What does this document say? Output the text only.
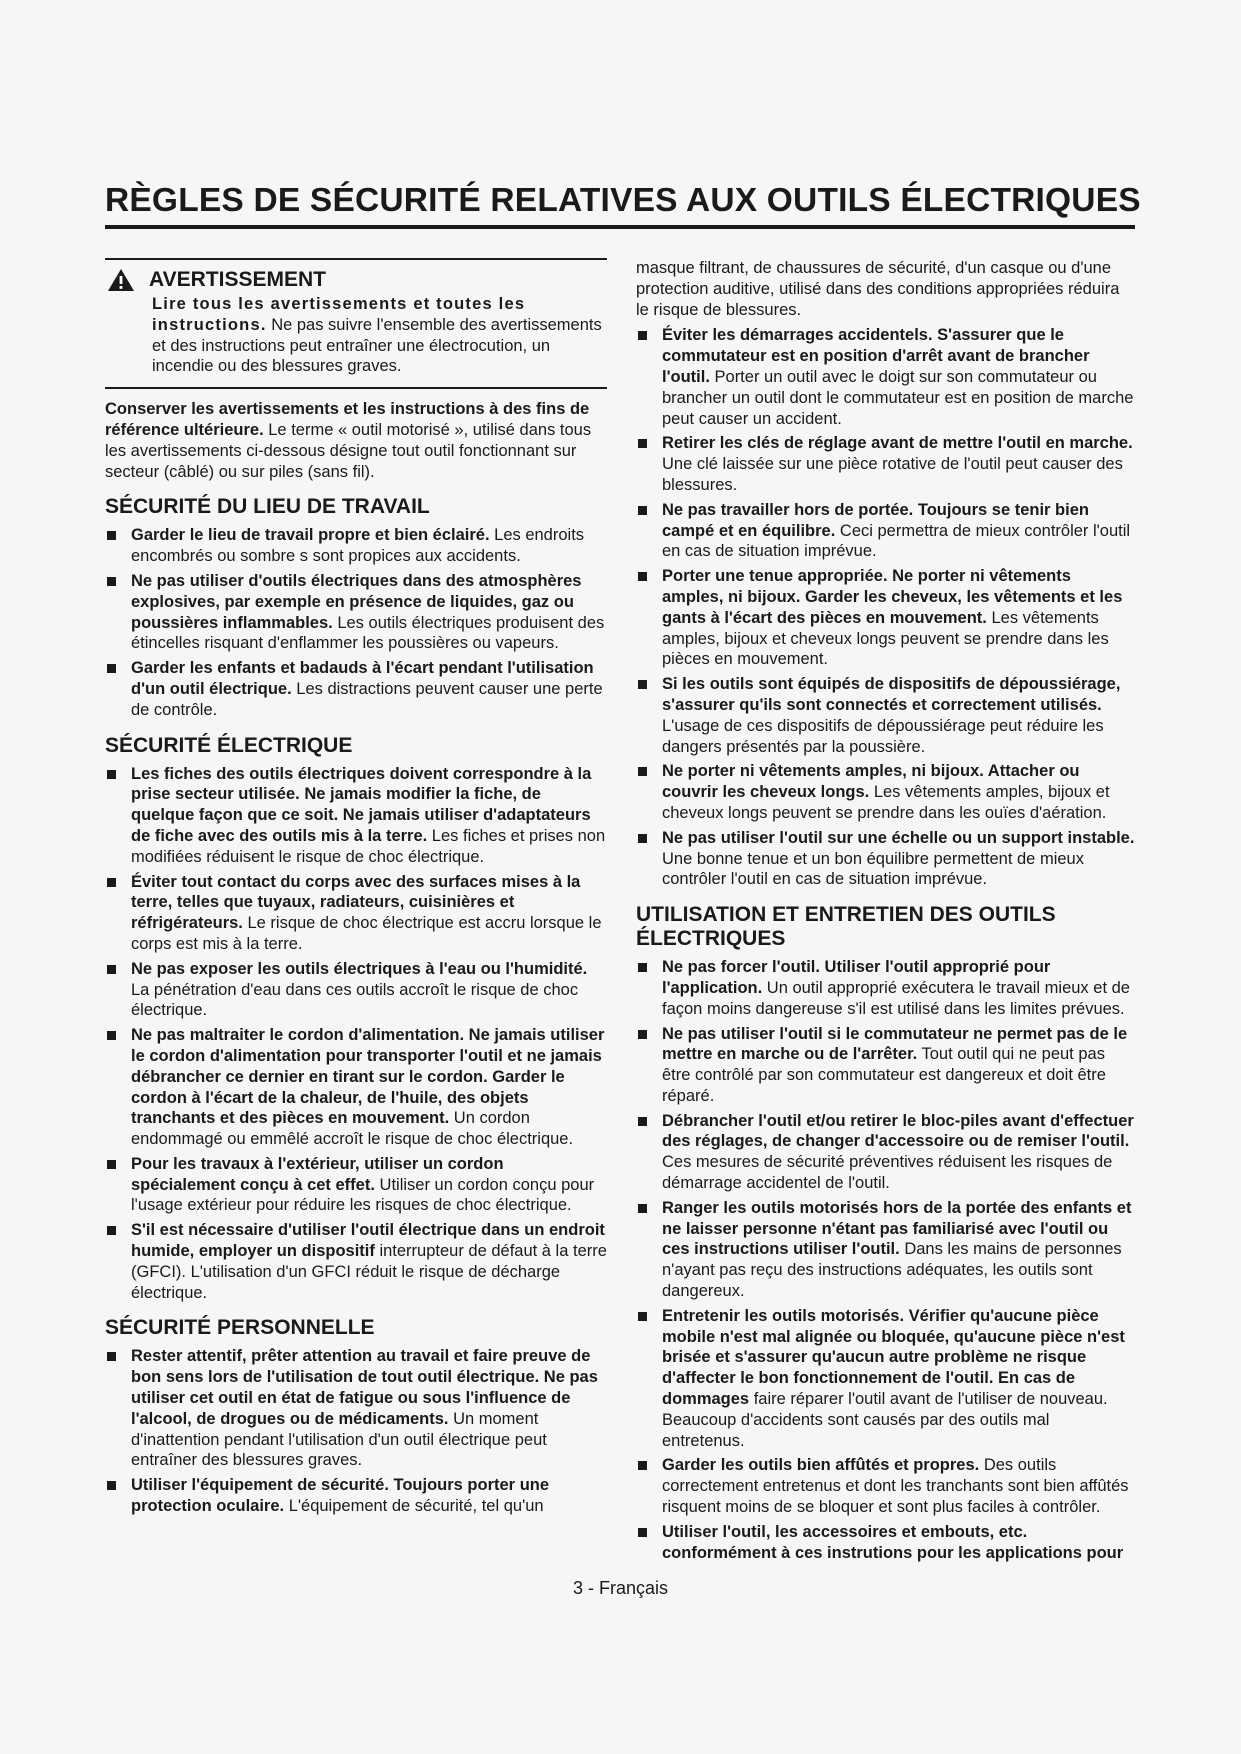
RÈGLES DE SÉCURITÉ RELATIVES AUX OUTILS ÉLECTRIQUES
AVERTISSEMENT
Lire tous les avertissements et toutes les instructions. Ne pas suivre l'ensemble des avertissements et des instructions peut entraîner une électrocution, un incendie ou des blessures graves.
Conserver les avertissements et les instructions à des fins de référence ultérieure. Le terme « outil motorisé », utilisé dans tous les avertissements ci-dessous désigne tout outil fonctionnant sur secteur (câblé) ou sur piles (sans fil).
SÉCURITÉ DU LIEU DE TRAVAIL
Garder le lieu de travail propre et bien éclairé. Les endroits encombrés ou sombre s sont propices aux accidents.
Ne pas utiliser d'outils électriques dans des atmosphères explosives, par exemple en présence de liquides, gaz ou poussières inflammables. Les outils électriques produisent des étincelles risquant d'enflammer les poussières ou vapeurs.
Garder les enfants et badauds à l'écart pendant l'utilisation d'un outil électrique. Les distractions peuvent causer une perte de contrôle.
SÉCURITÉ ÉLECTRIQUE
Les fiches des outils électriques doivent correspondre à la prise secteur utilisée. Ne jamais modifier la fiche, de quelque façon que ce soit. Ne jamais utiliser d'adaptateurs de fiche avec des outils mis à la terre. Les fiches et prises non modifiées réduisent le risque de choc électrique.
Éviter tout contact du corps avec des surfaces mises à la terre, telles que tuyaux, radiateurs, cuisinières et réfrigérateurs. Le risque de choc électrique est accru lorsque le corps est mis à la terre.
Ne pas exposer les outils électriques à l'eau ou l'humidité. La pénétration d'eau dans ces outils accroît le risque de choc électrique.
Ne pas maltraiter le cordon d'alimentation. Ne jamais utiliser le cordon d'alimentation pour transporter l'outil et ne jamais débrancher ce dernier en tirant sur le cordon. Garder le cordon à l'écart de la chaleur, de l'huile, des objets tranchants et des pièces en mouvement. Un cordon endommagé ou emmêlé accroît le risque de choc électrique.
Pour les travaux à l'extérieur, utiliser un cordon spécialement conçu à cet effet. Utiliser un cordon conçu pour l'usage extérieur pour réduire les risques de choc électrique.
S'il est nécessaire d'utiliser l'outil électrique dans un endroit humide, employer un dispositif interrupteur de défaut à la terre (GFCI). L'utilisation d'un GFCI réduit le risque de décharge électrique.
SÉCURITÉ PERSONNELLE
Rester attentif, prêter attention au travail et faire preuve de bon sens lors de l'utilisation de tout outil électrique. Ne pas utiliser cet outil en état de fatigue ou sous l'influence de l'alcool, de drogues ou de médicaments. Un moment d'inattention pendant l'utilisation d'un outil électrique peut entraîner des blessures graves.
Utiliser l'équipement de sécurité. Toujours porter une protection oculaire. L'équipement de sécurité, tel qu'un
masque filtrant, de chaussures de sécurité, d'un casque ou d'une protection auditive, utilisé dans des conditions appropriées réduira le risque de blessures.
Éviter les démarrages accidentels. S'assurer que le commutateur est en position d'arrêt avant de brancher l'outil. Porter un outil avec le doigt sur son commutateur ou brancher un outil dont le commutateur est en position de marche peut causer un accident.
Retirer les clés de réglage avant de mettre l'outil en marche. Une clé laissée sur une pièce rotative de l'outil peut causer des blessures.
Ne pas travailler hors de portée. Toujours se tenir bien campé et en équilibre. Ceci permettra de mieux contrôler l'outil en cas de situation imprévue.
Porter une tenue appropriée. Ne porter ni vêtements amples, ni bijoux. Garder les cheveux, les vêtements et les gants à l'écart des pièces en mouvement. Les vêtements amples, bijoux et cheveux longs peuvent se prendre dans les pièces en mouvement.
Si les outils sont équipés de dispositifs de dépoussiérage, s'assurer qu'ils sont connectés et correctement utilisés. L'usage de ces dispositifs de dépoussiérage peut réduire les dangers présentés par la poussière.
Ne porter ni vêtements amples, ni bijoux. Attacher ou couvrir les cheveux longs. Les vêtements amples, bijoux et cheveux longs peuvent se prendre dans les ouïes d'aération.
Ne pas utiliser l'outil sur une échelle ou un support instable. Une bonne tenue et un bon équilibre permettent de mieux contrôler l'outil en cas de situation imprévue.
UTILISATION ET ENTRETIEN DES OUTILS ÉLECTRIQUES
Ne pas forcer l'outil. Utiliser l'outil approprié pour l'application. Un outil approprié exécutera le travail mieux et de façon moins dangereuse s'il est utilisé dans les limites prévues.
Ne pas utiliser l'outil si le commutateur ne permet pas de le mettre en marche ou de l'arrêter. Tout outil qui ne peut pas être contrôlé par son commutateur est dangereux et doit être réparé.
Débrancher l'outil et/ou retirer le bloc-piles avant d'effectuer des réglages, de changer d'accessoire ou de remiser l'outil. Ces mesures de sécurité préventives réduisent les risques de démarrage accidentel de l'outil.
Ranger les outils motorisés hors de la portée des enfants et ne laisser personne n'étant pas familiarisé avec l'outil ou ces instructions utiliser l'outil. Dans les mains de personnes n'ayant pas reçu des instructions adéquates, les outils sont dangereux.
Entretenir les outils motorisés. Vérifier qu'aucune pièce mobile n'est mal alignée ou bloquée, qu'aucune pièce n'est brisée et s'assurer qu'aucun autre problème ne risque d'affecter le bon fonctionnement de l'outil. En cas de dommages faire réparer l'outil avant de l'utiliser de nouveau. Beaucoup d'accidents sont causés par des outils mal entretenus.
Garder les outils bien affûtés et propres. Des outils correctement entretenus et dont les tranchants sont bien affûtés risquent moins de se bloquer et sont plus faciles à contrôler.
Utiliser l'outil, les accessoires et embouts, etc. conformément à ces instrutions pour les applications pour
3 - Français
